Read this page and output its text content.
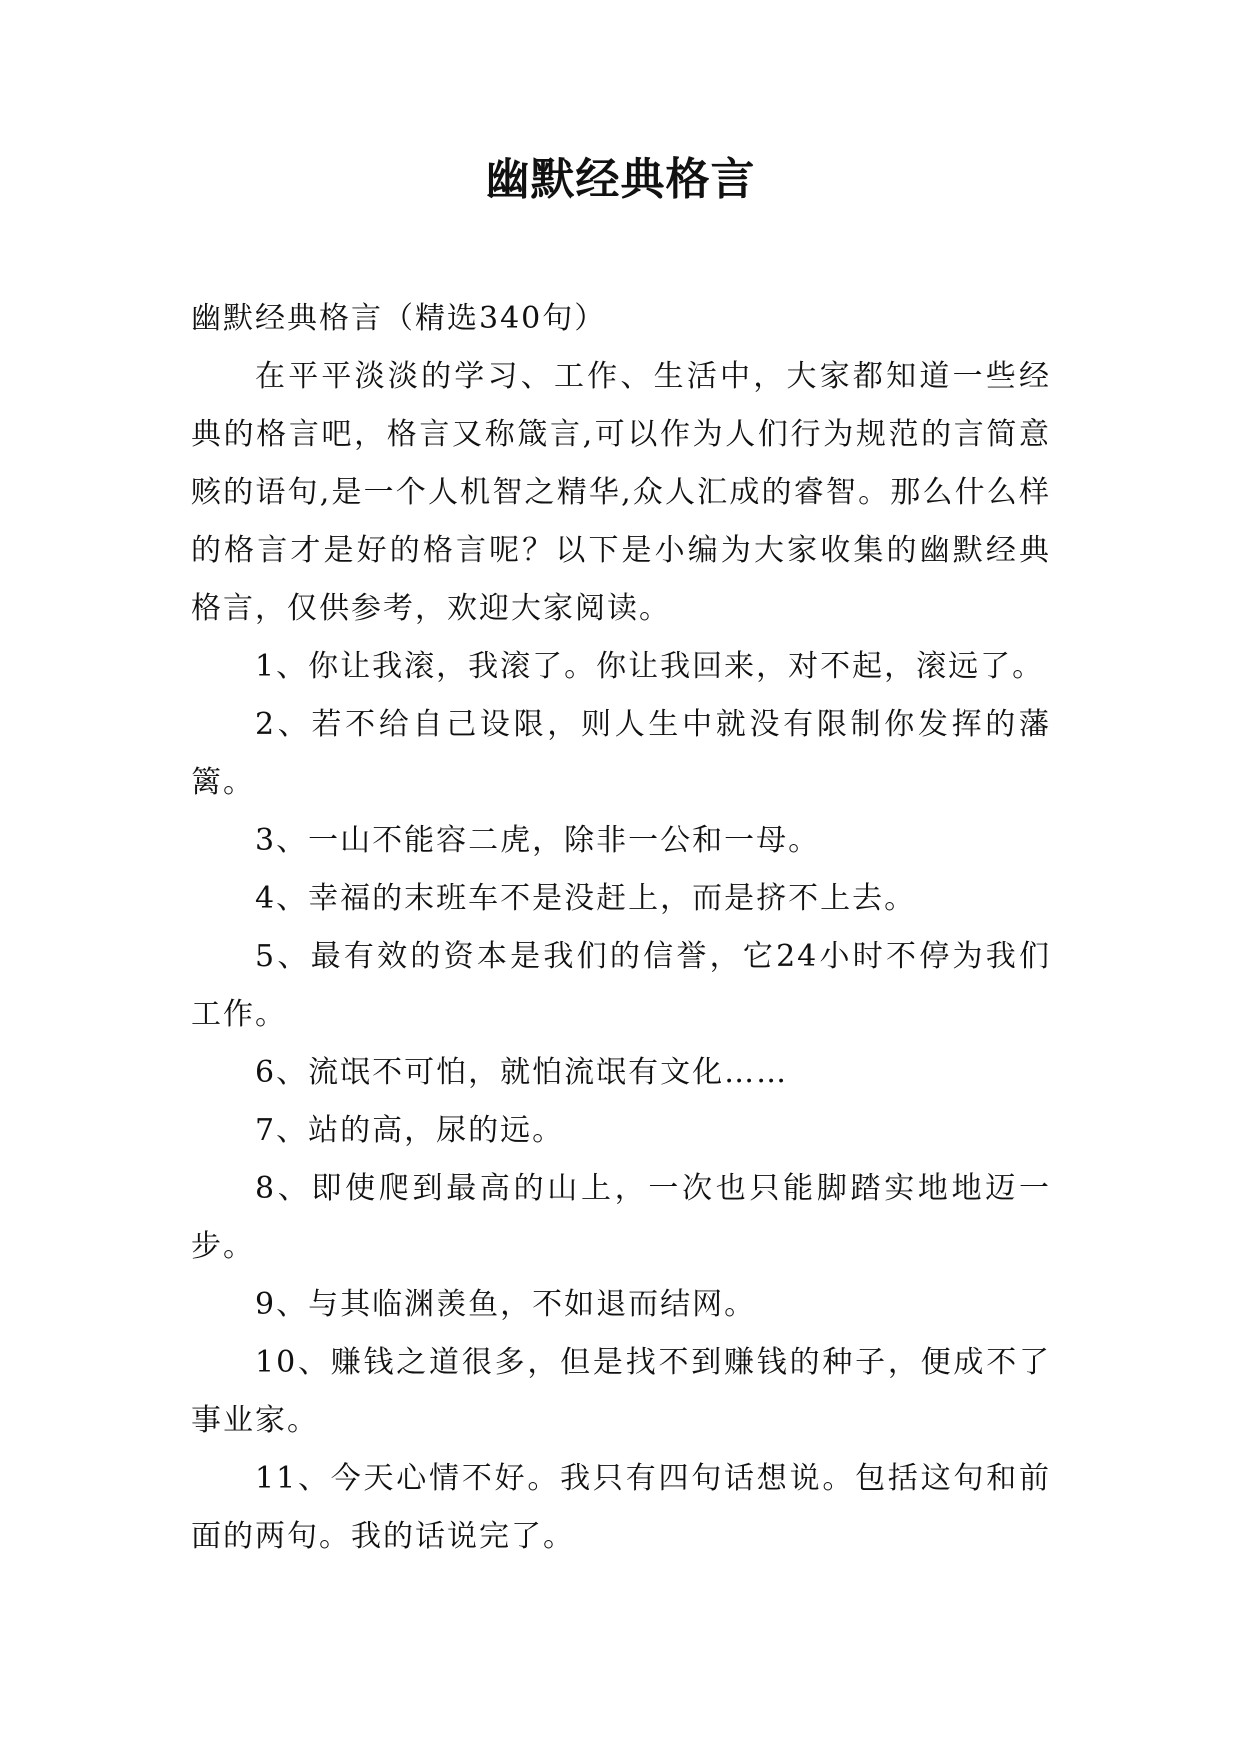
幽默经典格言

幽默经典格言（精选340句）

在平平淡淡的学习、工作、生活中，大家都知道一些经典的格言吧，格言又称箴言,可以作为人们行为规范的言简意赅的语句,是一个人机智之精华,众人汇成的睿智。那么什么样的格言才是好的格言呢？以下是小编为大家收集的幽默经典格言，仅供参考，欢迎大家阅读。

1、你让我滚，我滚了。你让我回来，对不起，滚远了。

2、若不给自己设限，则人生中就没有限制你发挥的藩篱。

3、一山不能容二虎，除非一公和一母。

4、幸福的末班车不是没赶上，而是挤不上去。

5、最有效的资本是我们的信誉，它24小时不停为我们工作。

6、流氓不可怕，就怕流氓有文化……

7、站的高，尿的远。

8、即使爬到最高的山上，一次也只能脚踏实地地迈一步。

9、与其临渊羡鱼，不如退而结网。

10、赚钱之道很多，但是找不到赚钱的种子，便成不了事业家。

11、今天心情不好。我只有四句话想说。包括这句和前面的两句。我的话说完了。
